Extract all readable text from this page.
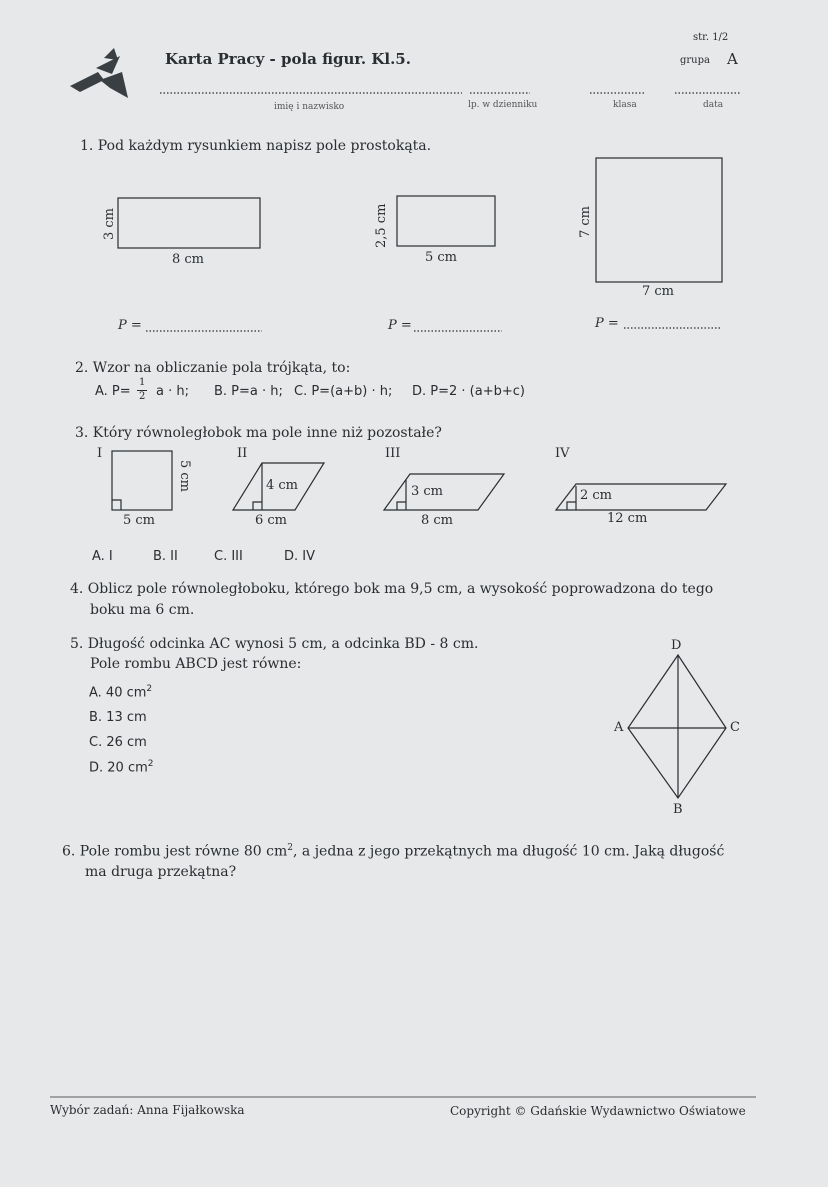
Karta Pracy - pola figur. Kl.5.
str. 1/2
grupa A
imię i nazwisko	lp. w dzienniku	klasa	data
1. Pod każdym rysunkiem napisz pole prostokąta.
3 cm
8 cm
2,5 cm
5 cm
7 cm
7 cm
P =	P =	P =
2. Wzor na obliczanie pola trójkąta, to:
A. P=
1
2 a · h; B. P=a · h; C. P=(a+b) · h; D. P=2 · (a+b+c)
3. Który równoległobok ma pole inne niż pozostałe?
I	II	III	IV
5 cm
5 cm
4 cm
6 cm
3 cm
8 cm
2 cm
12 cm
A. I	B. II	C. III	D. IV
4. Oblicz pole równoległoboku, którego bok ma 9,5 cm, a wysokość poprowadzona do tego
boku ma 6 cm.
5. Długość odcinka AC wynosi 5 cm, a odcinka BD - 8 cm.
Pole rombu ABCD jest równe:
A. 40 $cm^2$
B. 13 cm
C. 26 cm
D. 20 $cm^2$
D
A	C
B
6. Pole rombu jest równe 80 $cm^2$, a jedna z jego przekątnych ma długość 10 cm. Jaką długość
ma druga przekątna?
Wybór zadań: Anna Fijałkowska	Copyright © Gdańskie Wydawnictwo Oświatowe
